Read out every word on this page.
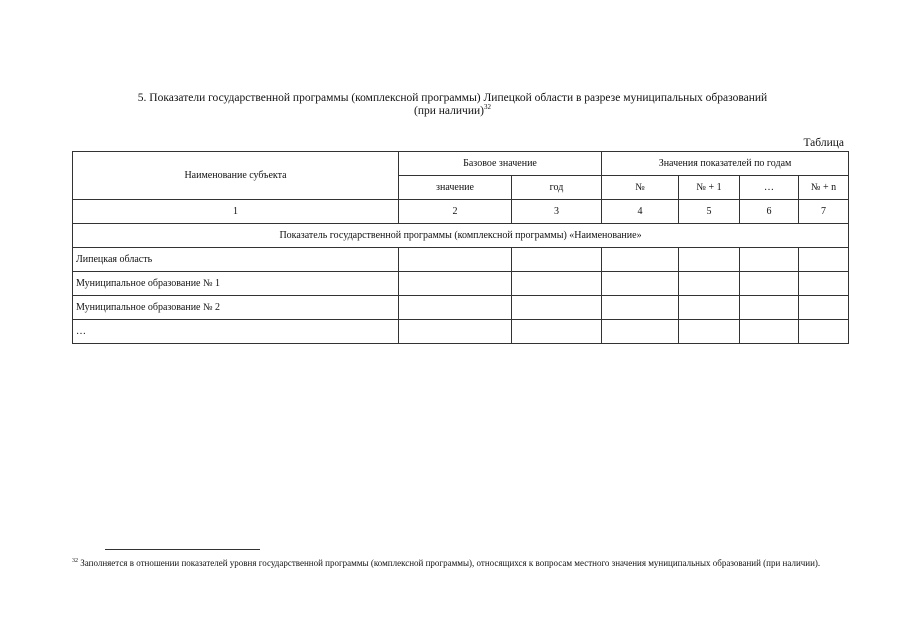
5. Показатели государственной программы (комплексной программы) Липецкой области в разрезе муниципальных образований
(при наличии)$^{32}$
Таблица
Наименование субъекта	Базовое значение		Значения показателей по годам			
	значение	год	№	№ + 1	…	№ + n
1	2	3	4	5	6	7
Показатель государственной программы (комплексной программы) «Наименование»						
Липецкая область						
Муниципальное образование № 1						
Муниципальное образование № 2						
…						
$^{32}$ Заполняется в отношении показателей уровня государственной программы (комплексной программы), относящихся к вопросам местного значения муниципальных образований (при наличии).
